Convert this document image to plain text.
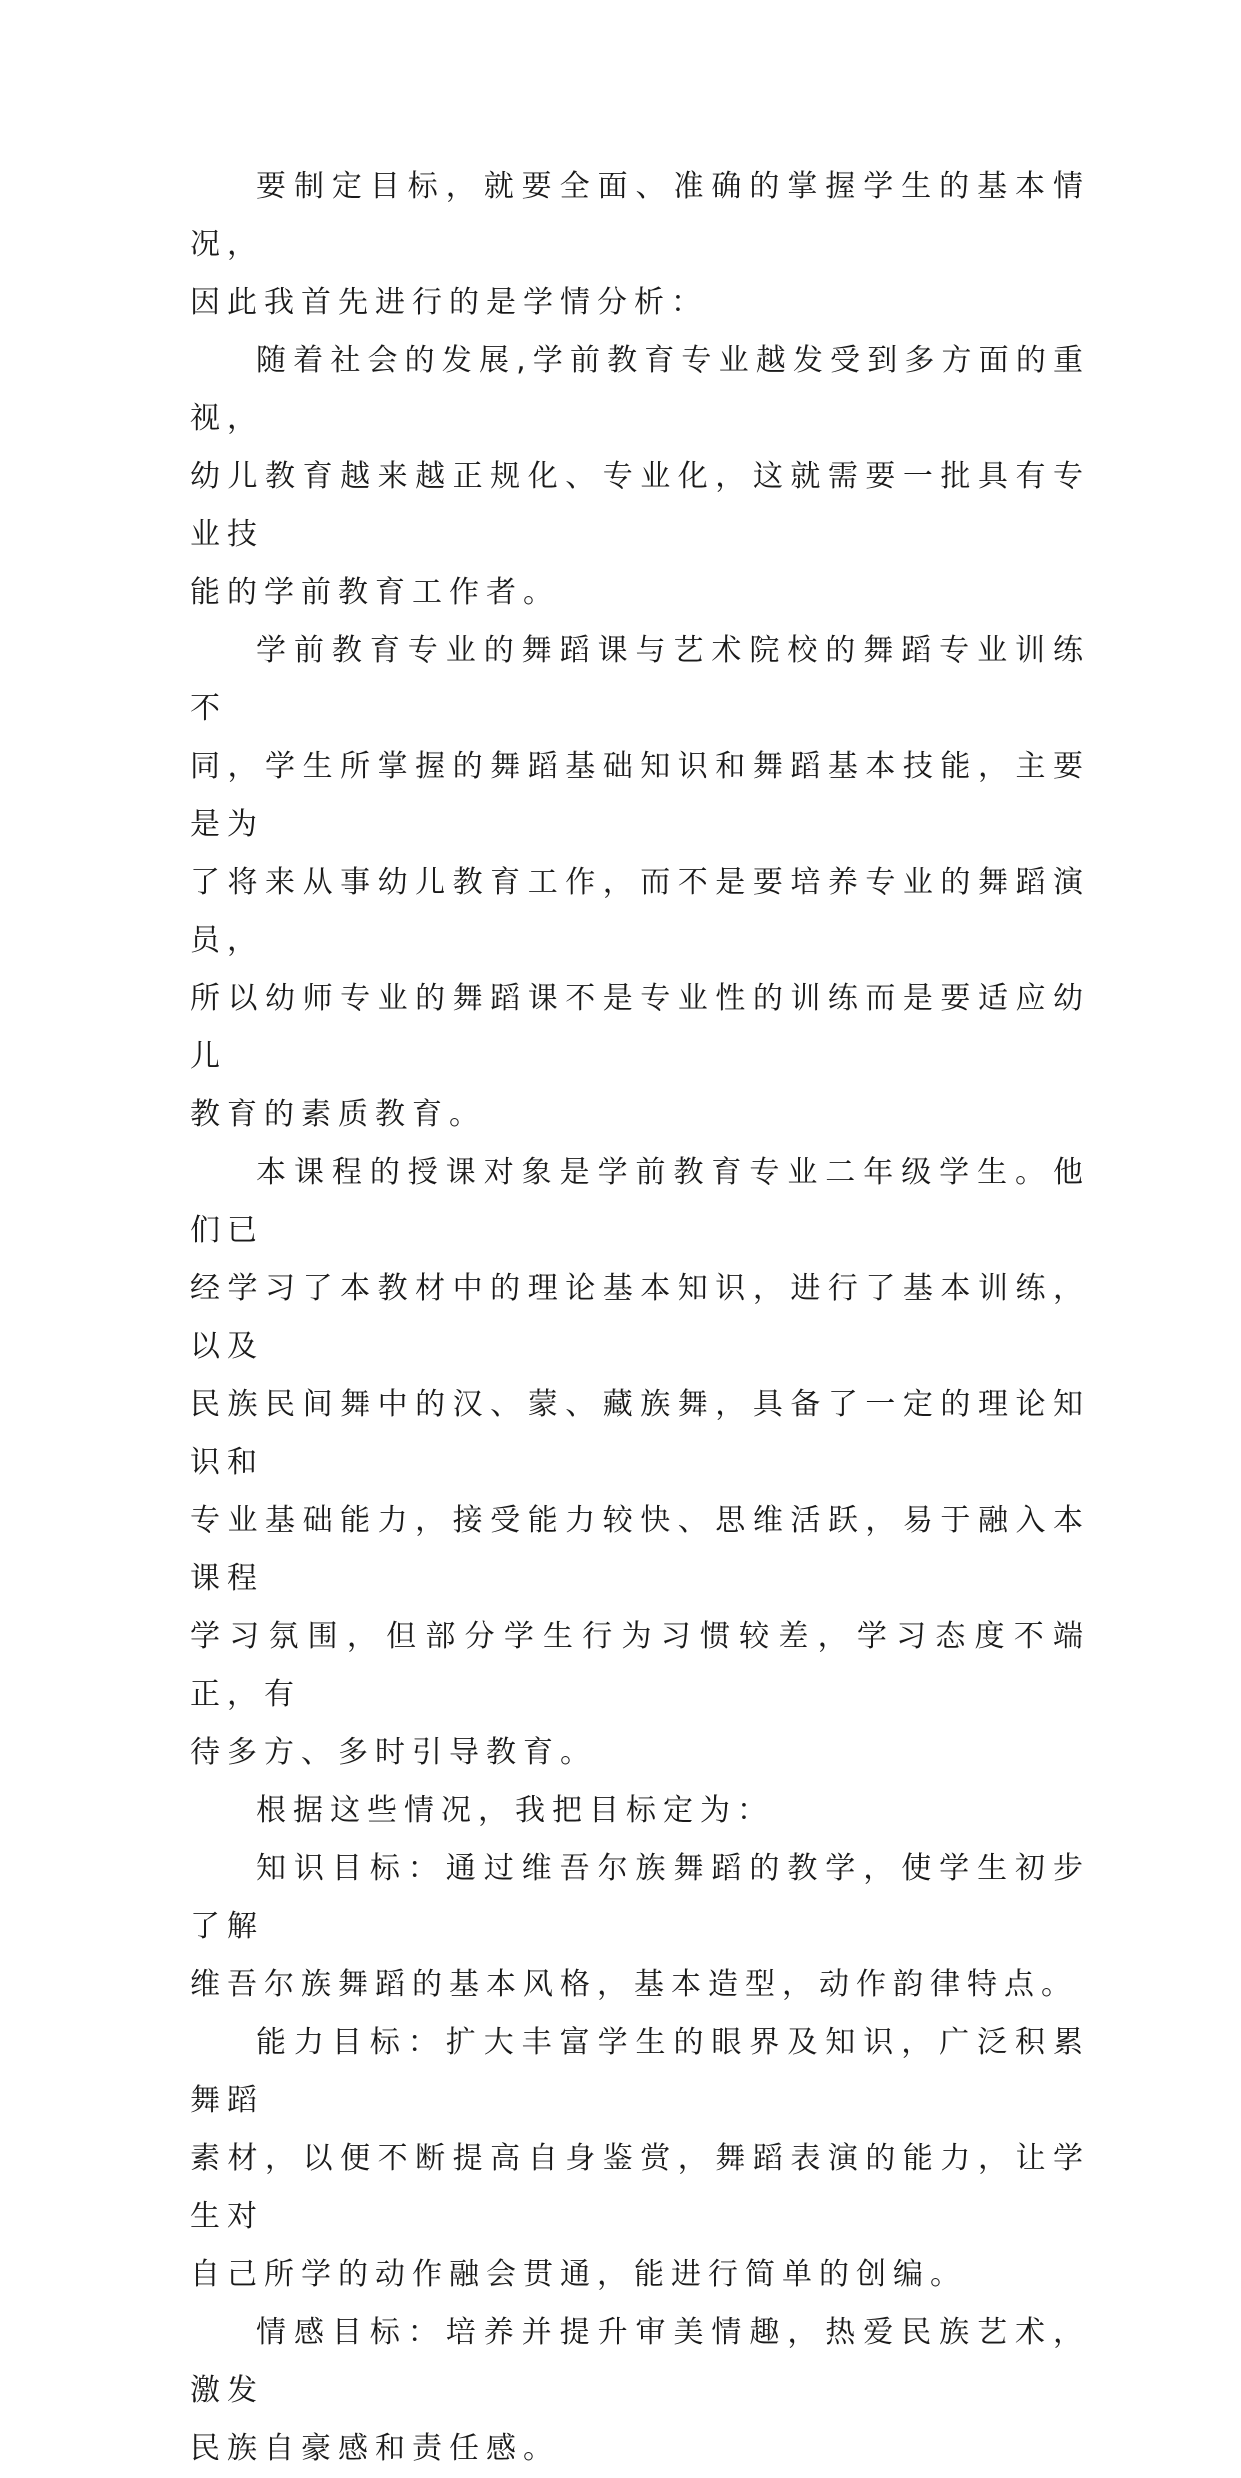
要制定目标，就要全面、准确的掌握学生的基本情况，
因此我首先进行的是学情分析：

随着社会的发展,学前教育专业越发受到多方面的重视，
幼儿教育越来越正规化、专业化，这就需要一批具有专业技
能的学前教育工作者。

学前教育专业的舞蹈课与艺术院校的舞蹈专业训练不
同，学生所掌握的舞蹈基础知识和舞蹈基本技能，主要是为
了将来从事幼儿教育工作，而不是要培养专业的舞蹈演员，
所以幼师专业的舞蹈课不是专业性的训练而是要适应幼儿
教育的素质教育。

本课程的授课对象是学前教育专业二年级学生。他们已
经学习了本教材中的理论基本知识，进行了基本训练，以及
民族民间舞中的汉、蒙、藏族舞，具备了一定的理论知识和
专业基础能力，接受能力较快、思维活跃，易于融入本课程
学习氛围，但部分学生行为习惯较差，学习态度不端正，有
待多方、多时引导教育。

根据这些情况，我把目标定为：

知识目标：通过维吾尔族舞蹈的教学，使学生初步了解
维吾尔族舞蹈的基本风格，基本造型，动作韵律特点。

能力目标：扩大丰富学生的眼界及知识，广泛积累舞蹈
素材，以便不断提高自身鉴赏，舞蹈表演的能力，让学生对
自己所学的动作融会贯通，能进行简单的创编。

情感目标：培养并提升审美情趣，热爱民族艺术，激发
民族自豪感和责任感。
